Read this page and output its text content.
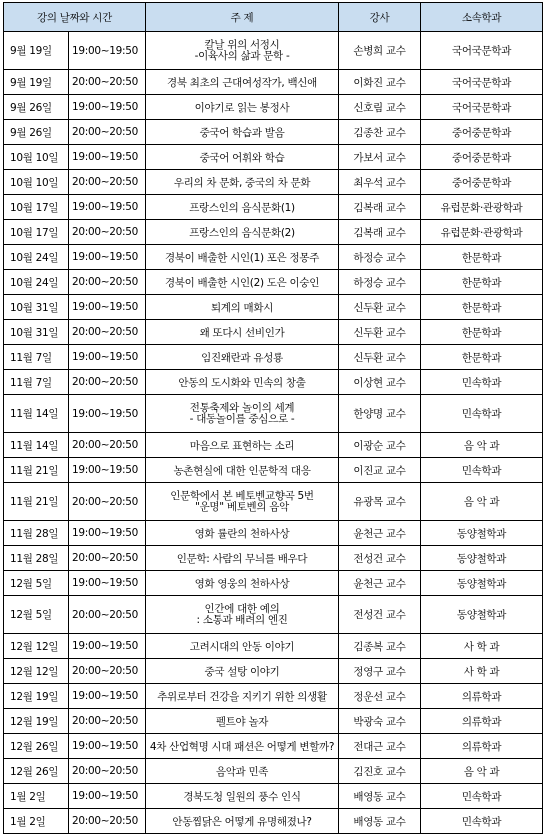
강의 날짜와 시간		주 제	강사	소속학과
9월 19일	19:00~19:50	칼날 위의 서정시
-이육사의 삶과 문학 -	손병희 교수	국어국문학과
9월 19일	20:00~20:50	경북 최초의 근대여성작가, 백신애	이화진 교수	국어국문학과
9월 26일	19:00~19:50	이야기로 읽는 봉정사	신호림 교수	국어국문학과
9월 26일	20:00~20:50	중국어 학습과 발음	김종찬 교수	중어중문학과
10월 10일	19:00~19:50	중국어 어휘와 학습	가보서 교수	중어중문학과
10월 10일	20:00~20:50	우리의 차 문화, 중국의 차 문화	최우석 교수	중어중문학과
10월 17일	19:00~19:50	프랑스인의 음식문화(1)	김복래 교수	유럽문화·관광학과
10월 17일	20:00~20:50	프랑스인의 음식문화(2)	김복래 교수	유럽문화·관광학과
10월 24일	19:00~19:50	경북이 배출한 시인(1) 포은 정몽주	하정승 교수	한문학과
10월 24일	20:00~20:50	경북이 배출한 시인(2) 도은 이숭인	하정승 교수	한문학과
10월 31일	19:00~19:50	퇴계의 매화시	신두환 교수	한문학과
10월 31일	20:00~20:50	왜 또다시 선비인가	신두환 교수	한문학과
11월 7일	19:00~19:50	임진왜란과 유성룡	신두환 교수	한문학과
11월 7일	20:00~20:50	안동의 도시화와 민속의 창출	이상현 교수	민속학과
11월 14일	19:00~19:50	전통축제와 놀이의 세계
- 대동놀이를 중심으로 -	한양명 교수	민속학과
11월 14일	20:00~20:50	마음으로 표현하는 소리	이광순 교수	음 악 과
11월 21일	19:00~19:50	농촌현실에 대한 인문학적 대응	이진교 교수	민속학과
11월 21일	20:00~20:50	인문학에서 본 베토벤교향곡 5번
"운명" 베토벤의 음악	유광목 교수	음 악 과
11월 28일	19:00~19:50	영화 률란의 천하사상	윤천근 교수	동양철학과
11월 28일	20:00~20:50	인문학: 사람의 무늬를 배우다	전성건 교수	동양철학과
12월 5일	19:00~19:50	영화 영웅의 천하사상	윤천근 교수	동양철학과
12월 5일	20:00~20:50	인간에 대한 예의
: 소통과 배려의 엔진	전성건 교수	동양철학과
12월 12일	19:00~19:50	고려시대의 안동 이야기	김종복 교수	사 학 과
12월 12일	20:00~20:50	중국 설탕 이야기	정영구 교수	사 학 과
12월 19일	19:00~19:50	추위로부터 건강을 지키기 위한 의생활	정운선 교수	의류학과
12월 19일	20:00~20:50	펠트야 놀자	박광숙 교수	의류학과
12월 26일	19:00~19:50	4차 산업혁명 시대 패션은 어떻게 변할까?	전대근 교수	의류학과
12월 26일	20:00~20:50	음악과 민족	김진호 교수	음 악 과
1월 2일	19:00~19:50	경북도청 일원의 풍수 인식	배영동 교수	민속학과
1월 2일	20:00~20:50	안동찜닭은 어떻게 유명해졌나?	배영동 교수	민속학과
